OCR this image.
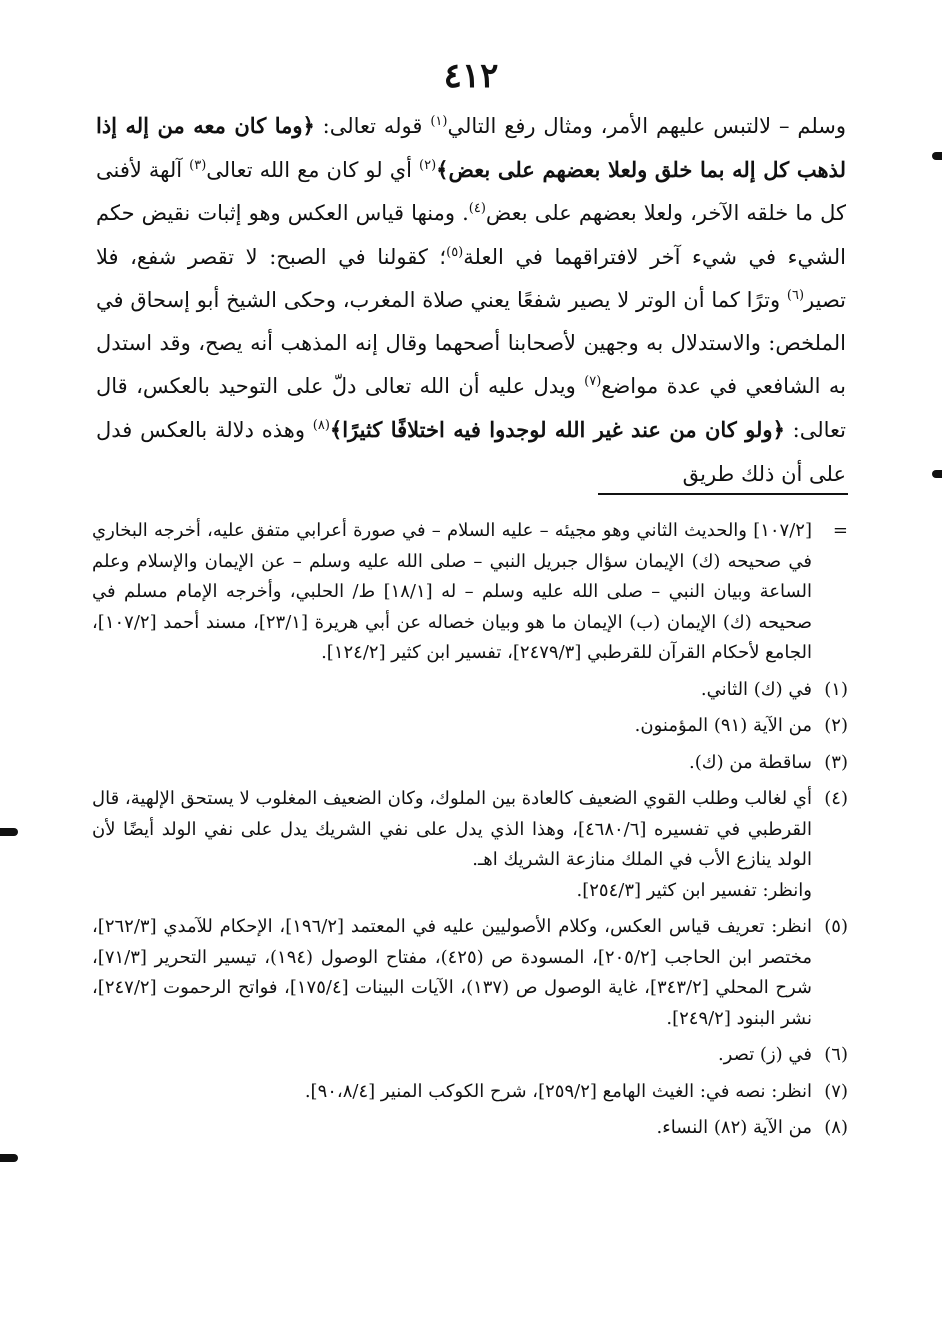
٤١٢

وسلم – لالتبس عليهم الأمر، ومثال رفع التالي$^{(١)}$ قوله تعالى: ﴿وما كان معه من إله إذا لذهب كل إله بما خلق ولعلا بعضهم على بعض﴾$^{(٢)}$ أي لو كان مع الله تعالى$^{(٣)}$ آلهة لأفنى كل ما خلقه الآخر، ولعلا بعضهم على بعض$^{(٤)}$. ومنها قياس العكس وهو إثبات نقيض حكم الشيء في شيء آخر لافتراقهما في العلة$^{(٥)}$؛ كقولنا في الصبح: لا تقصر شفع، فلا تصير$^{(٦)}$ وترًا كما أن الوتر لا يصير شفعًا يعني صلاة المغرب، وحكى الشيخ أبو إسحاق في الملخص: والاستدلال به وجهين لأصحابنا أصحهما وقال إنه المذهب أنه يصح، وقد استدل به الشافعي في عدة مواضع$^{(٧)}$ ويدل عليه أن الله تعالى دلّ على التوحيد بالعكس، قال تعالى: ﴿ولو كان من عند غير الله لوجدوا فيه اختلافًا كثيرًا﴾$^{(٨)}$ وهذه دلالة بالعكس فدل على أن ذلك طريق

=
[١٠٧/٢] والحديث الثاني وهو مجيئه – عليه السلام – في صورة أعرابي متفق عليه، أخرجه البخاري في صحيحه (ك) الإيمان سؤال جبريل النبي – صلى الله عليه وسلم – عن الإيمان والإسلام وعلم الساعة وبيان النبي – صلى الله عليه وسلم – له [١٨/١] ط/ الحلبي، وأخرجه الإمام مسلم في صحيحه (ك) الإيمان (ب) الإيمان ما هو وبيان خصاله عن أبي هريرة [٢٣/١]، مسند أحمد [١٠٧/٢]، الجامع لأحكام القرآن للقرطبي [٢٤٧٩/٣]، تفسير ابن كثير [١٢٤/٢].
(١)
في (ك) الثاني.
(٢)
من الآية (٩١) المؤمنون.
(٣)
ساقطة من (ك).
(٤)
أي لغالب وطلب القوي الضعيف كالعادة بين الملوك، وكان الضعيف المغلوب لا يستحق الإلهية، قال القرطبي في تفسيره [٤٦٨٠/٦]، وهذا الذي يدل على نفي الشريك يدل على نفي الولد أيضًا لأن الولد ينازع الأب في الملك منازعة الشريك اهـ.

وانظر: تفسير ابن كثير [٢٥٤/٣].

(٥)
انظر: تعريف قياس العكس، وكلام الأصوليين عليه في المعتمد [١٩٦/٢]، الإحكام للآمدي [٢٦٢/٣]، مختصر ابن الحاجب [٢٠٥/٢]، المسودة ص (٤٢٥)، مفتاح الوصول (١٩٤)، تيسير التحرير [٧١/٣]، شرح المحلي [٣٤٣/٢]، غاية الوصول ص (١٣٧)، الآيات البينات [١٧٥/٤]، فواتح الرحموت [٢٤٧/٢]، نشر البنود [٢٤٩/٢].
(٦)
في (ز) تصر.
(٧)
انظر: نصه في: الغيث الهامع [٢٥٩/٢]، شرح الكوكب المنير [٩٠،٨/٤].
(٨)
من الآية (٨٢) النساء.
